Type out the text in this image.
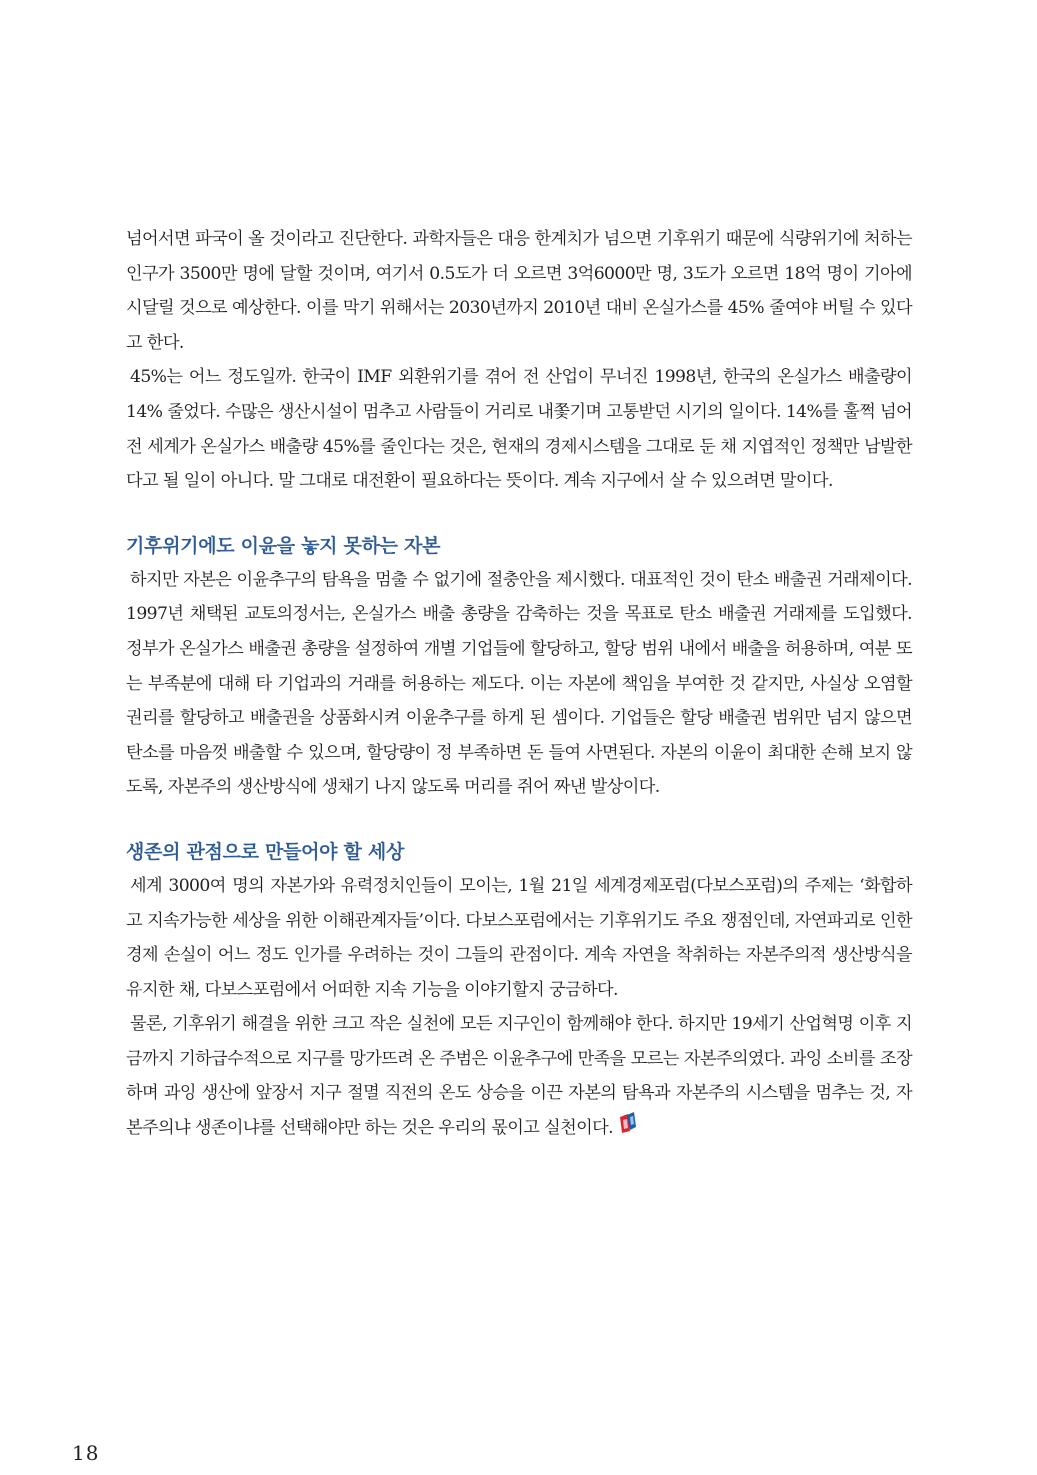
넘어서면 파국이 올 것이라고 진단한다. 과학자들은 대응 한계치가 넘으면 기후위기 때문에 식량위기에 처하는 인구가 3500만 명에 달할 것이며, 여기서 0.5도가 더 오르면 3억6000만 명, 3도가 오르면 18억 명이 기아에 시달릴 것으로 예상한다. 이를 막기 위해서는 2030년까지 2010년 대비 온실가스를 45% 줄여야 버틸 수 있다고 한다.

45%는 어느 정도일까. 한국이 IMF 외환위기를 겪어 전 산업이 무너진 1998년, 한국의 온실가스 배출량이 14% 줄었다. 수많은 생산시설이 멈추고 사람들이 거리로 내쫓기며 고통받던 시기의 일이다. 14%를 훌쩍 넘어 전 세계가 온실가스 배출량 45%를 줄인다는 것은, 현재의 경제시스템을 그대로 둔 채 지엽적인 정책만 남발한다고 될 일이 아니다. 말 그대로 대전환이 필요하다는 뜻이다. 계속 지구에서 살 수 있으려면 말이다.

기후위기에도 이윤을 놓지 못하는 자본

하지만 자본은 이윤추구의 탐욕을 멈출 수 없기에 절충안을 제시했다. 대표적인 것이 탄소 배출권 거래제이다. 1997년 채택된 교토의정서는, 온실가스 배출 총량을 감축하는 것을 목표로 탄소 배출권 거래제를 도입했다. 정부가 온실가스 배출권 총량을 설정하여 개별 기업들에 할당하고, 할당 범위 내에서 배출을 허용하며, 여분 또는 부족분에 대해 타 기업과의 거래를 허용하는 제도다. 이는 자본에 책임을 부여한 것 같지만, 사실상 오염할 권리를 할당하고 배출권을 상품화시켜 이윤추구를 하게 된 셈이다. 기업들은 할당 배출권 범위만 넘지 않으면 탄소를 마음껏 배출할 수 있으며, 할당량이 정 부족하면 돈 들여 사면된다. 자본의 이윤이 최대한 손해 보지 않도록, 자본주의 생산방식에 생채기 나지 않도록 머리를 쥐어 짜낸 발상이다.

생존의 관점으로 만들어야 할 세상

세계 3000여 명의 자본가와 유력정치인들이 모이는, 1월 21일 세계경제포럼(다보스포럼)의 주제는 ‘화합하고 지속가능한 세상을 위한 이해관계자들’이다. 다보스포럼에서는 기후위기도 주요 쟁점인데, 자연파괴로 인한 경제 손실이 어느 정도 인가를 우려하는 것이 그들의 관점이다. 계속 자연을 착취하는 자본주의적 생산방식을 유지한 채, 다보스포럼에서 어떠한 지속 기능을 이야기할지 궁금하다.

물론, 기후위기 해결을 위한 크고 작은 실천에 모든 지구인이 함께해야 한다. 하지만 19세기 산업혁명 이후 지금까지 기하급수적으로 지구를 망가뜨려 온 주범은 이윤추구에 만족을 모르는 자본주의였다. 과잉 소비를 조장하며 과잉 생산에 앞장서 지구 절멸 직전의 온도 상승을 이끈 자본의 탐욕과 자본주의 시스템을 멈추는 것, 자본주의냐 생존이냐를 선택해야만 하는 것은 우리의 몫이고 실천이다.

18
